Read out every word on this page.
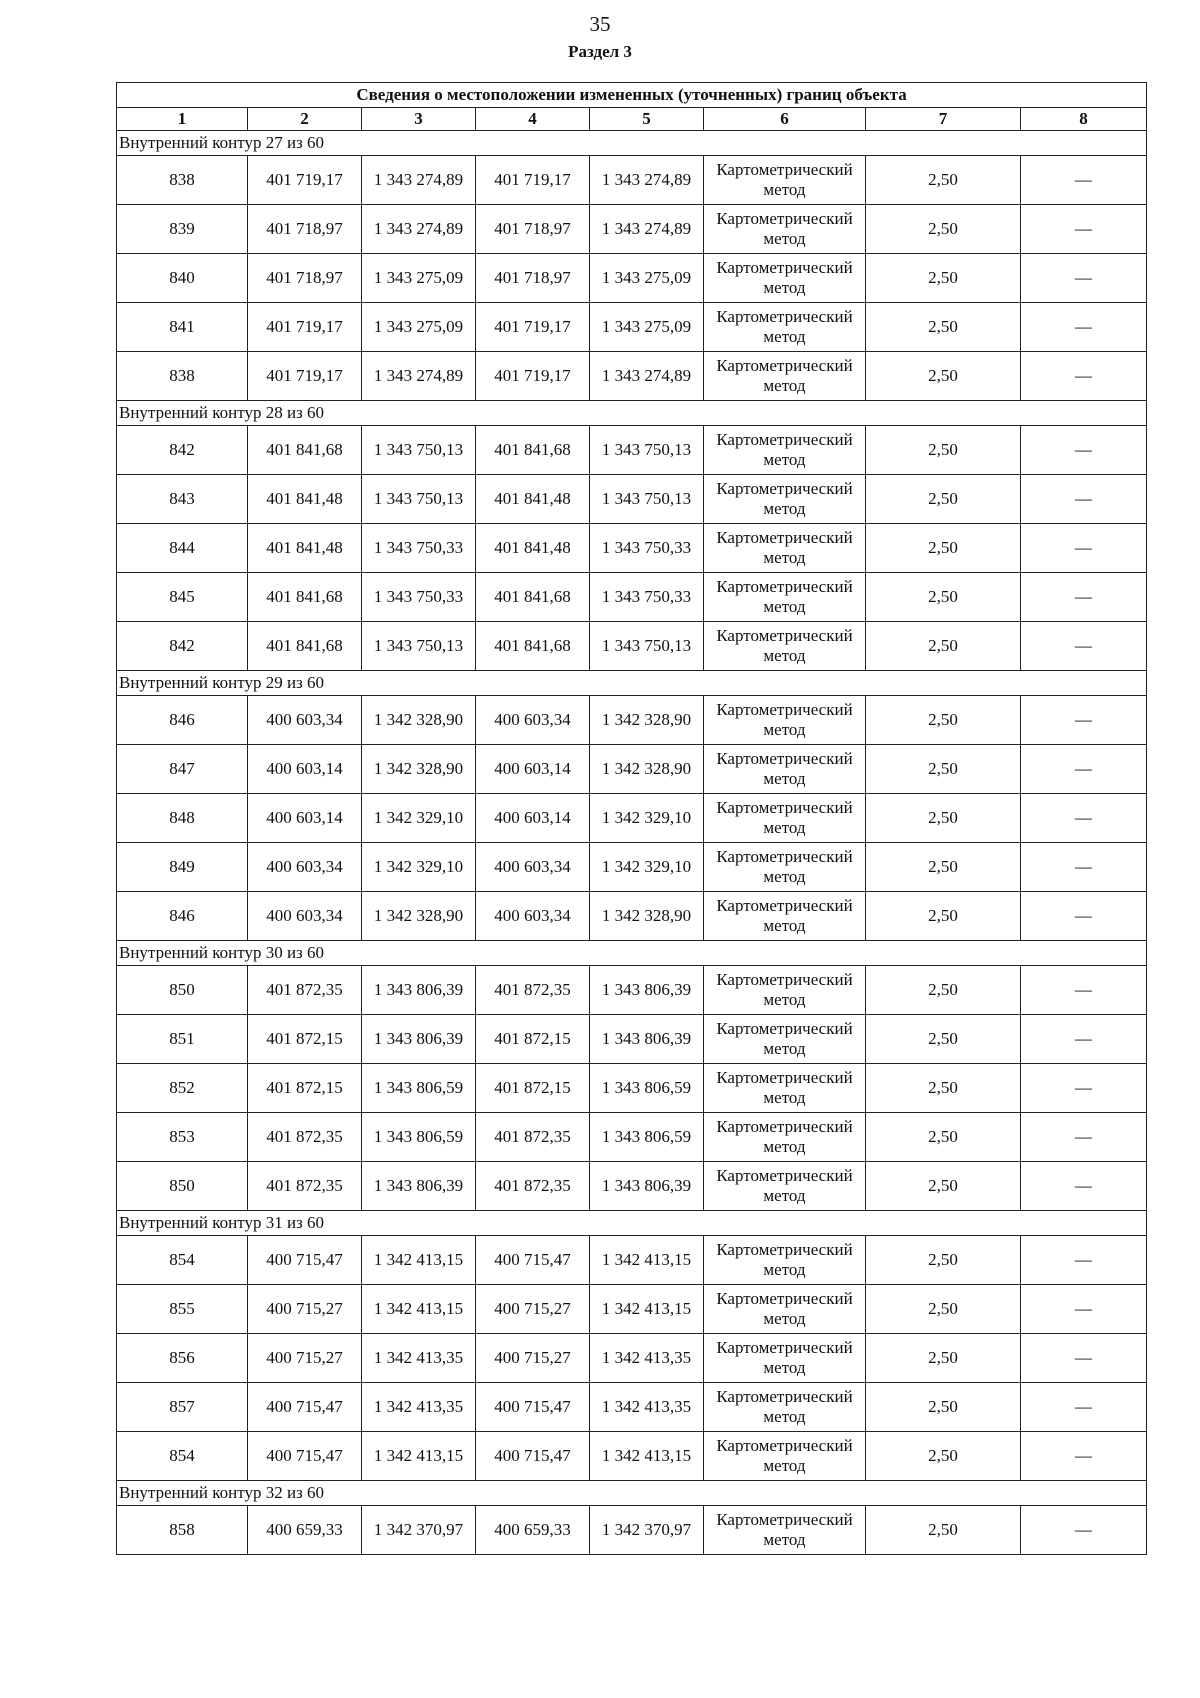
35
Раздел 3
Сведения о местоположении измененных (уточненных) границ объекта							
1	2	3	4	5	6	7	8
Внутренний контур 27 из 60							
838	401 719,17	1 343 274,89	401 719,17	1 343 274,89	Картометрический метод	2,50	—
839	401 718,97	1 343 274,89	401 718,97	1 343 274,89	Картометрический метод	2,50	—
840	401 718,97	1 343 275,09	401 718,97	1 343 275,09	Картометрический метод	2,50	—
841	401 719,17	1 343 275,09	401 719,17	1 343 275,09	Картометрический метод	2,50	—
838	401 719,17	1 343 274,89	401 719,17	1 343 274,89	Картометрический метод	2,50	—
Внутренний контур 28 из 60							
842	401 841,68	1 343 750,13	401 841,68	1 343 750,13	Картометрический метод	2,50	—
843	401 841,48	1 343 750,13	401 841,48	1 343 750,13	Картометрический метод	2,50	—
844	401 841,48	1 343 750,33	401 841,48	1 343 750,33	Картометрический метод	2,50	—
845	401 841,68	1 343 750,33	401 841,68	1 343 750,33	Картометрический метод	2,50	—
842	401 841,68	1 343 750,13	401 841,68	1 343 750,13	Картометрический метод	2,50	—
Внутренний контур 29 из 60							
846	400 603,34	1 342 328,90	400 603,34	1 342 328,90	Картометрический метод	2,50	—
847	400 603,14	1 342 328,90	400 603,14	1 342 328,90	Картометрический метод	2,50	—
848	400 603,14	1 342 329,10	400 603,14	1 342 329,10	Картометрический метод	2,50	—
849	400 603,34	1 342 329,10	400 603,34	1 342 329,10	Картометрический метод	2,50	—
846	400 603,34	1 342 328,90	400 603,34	1 342 328,90	Картометрический метод	2,50	—
Внутренний контур 30 из 60							
850	401 872,35	1 343 806,39	401 872,35	1 343 806,39	Картометрический метод	2,50	—
851	401 872,15	1 343 806,39	401 872,15	1 343 806,39	Картометрический метод	2,50	—
852	401 872,15	1 343 806,59	401 872,15	1 343 806,59	Картометрический метод	2,50	—
853	401 872,35	1 343 806,59	401 872,35	1 343 806,59	Картометрический метод	2,50	—
850	401 872,35	1 343 806,39	401 872,35	1 343 806,39	Картометрический метод	2,50	—
Внутренний контур 31 из 60							
854	400 715,47	1 342 413,15	400 715,47	1 342 413,15	Картометрический метод	2,50	—
855	400 715,27	1 342 413,15	400 715,27	1 342 413,15	Картометрический метод	2,50	—
856	400 715,27	1 342 413,35	400 715,27	1 342 413,35	Картометрический метод	2,50	—
857	400 715,47	1 342 413,35	400 715,47	1 342 413,35	Картометрический метод	2,50	—
854	400 715,47	1 342 413,15	400 715,47	1 342 413,15	Картометрический метод	2,50	—
Внутренний контур 32 из 60							
858	400 659,33	1 342 370,97	400 659,33	1 342 370,97	Картометрический метод	2,50	—
